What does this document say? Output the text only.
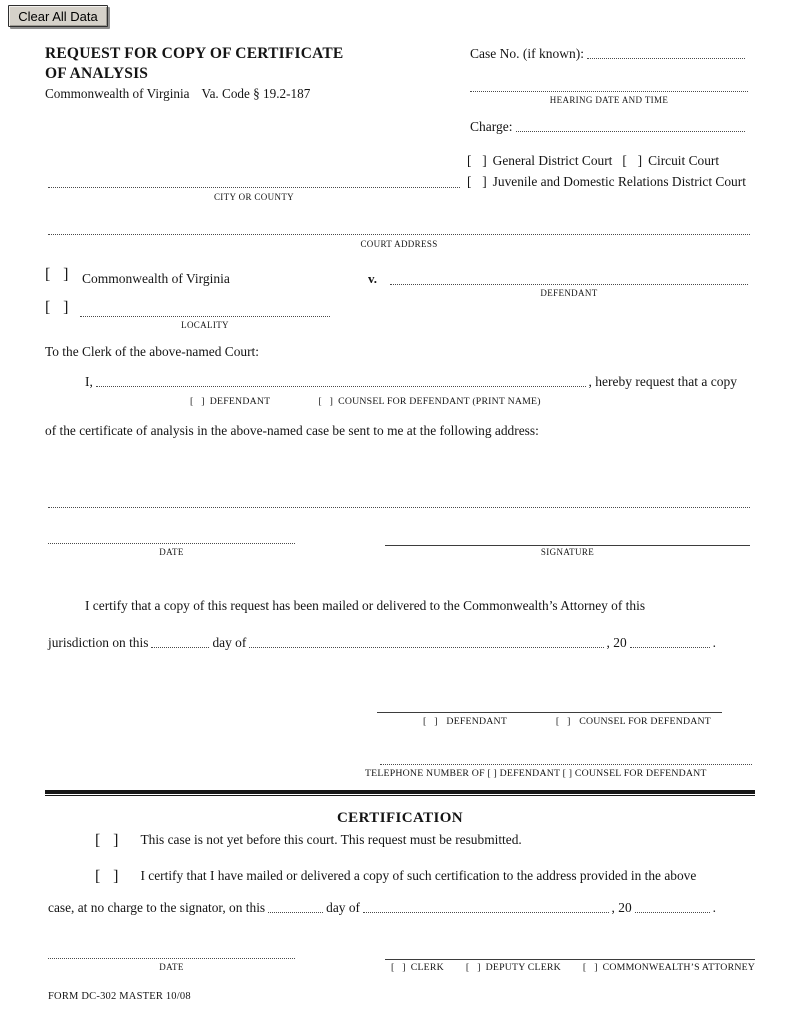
Clear All Data
REQUEST FOR COPY OF CERTIFICATE
OF ANALYSIS
Commonwealth of Virginia Va. Code § 19.2-187
Case No. (if known):
HEARING DATE AND TIME
Charge:
[ ]
General District Court [ ]	Circuit Court
[ ]
Juvenile and Domestic Relations District Court
CITY OR COUNTY
COURT ADDRESS
[ ]
Commonwealth of Virginia	v.
DEFENDANT
[ ]
LOCALITY
To the Clerk of the above-named Court:
I,	, hereby request that a copy
[ ]
DEFENDANT [ ]	COUNSEL FOR DEFENDANT (PRINT NAME)
of the certificate of analysis in the above-named case be sent to me at the following address:
DATE	SIGNATURE
I certify that a copy of this request has been mailed or delivered to the Commonwealth’s Attorney of this
jurisdiction on this	day of	, 20	.
[ ] DEFENDANT [ ]	COUNSEL FOR DEFENDANT
TELEPHONE NUMBER OF [ ] DEFENDANT [ ] COUNSEL FOR DEFENDANT
CERTIFICATION
[ ]
This case is not yet before this court. This request must be resubmitted.
[ ]
I certify that I have mailed or delivered a copy of such certification to the address provided in the above
case, at no charge to the signator, on this	day of	, 20	.
DATE [ ]	CLERK [ ]	DEPUTY CLERK [ ]	COMMONWEALTH’S ATTORNEY
FORM DC-302 MASTER 10/08
